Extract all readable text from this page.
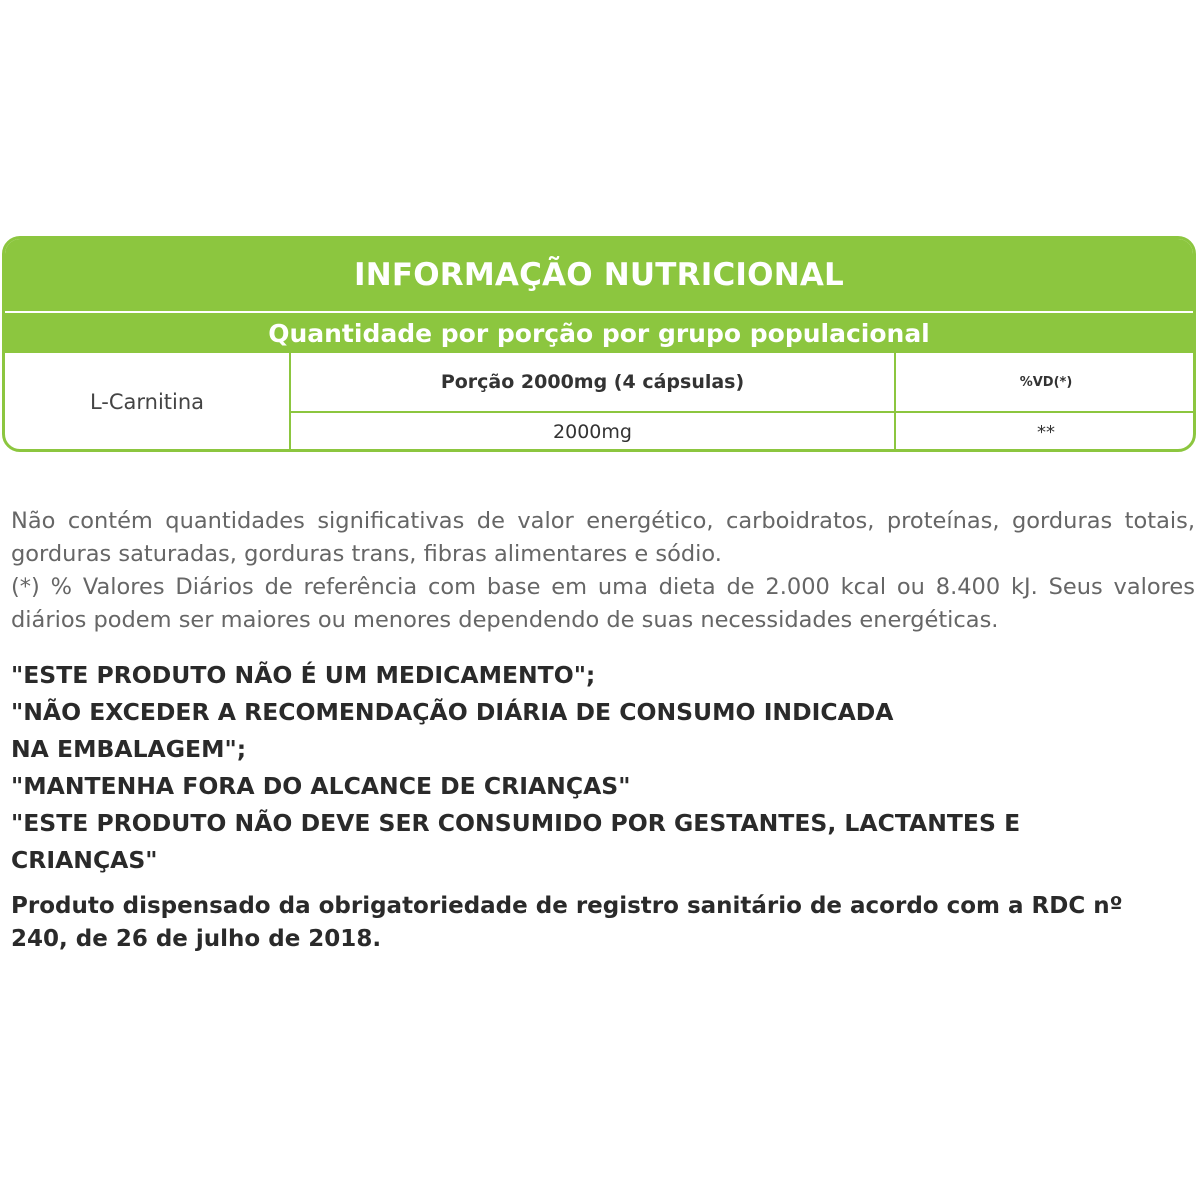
INFORMAÇÃO NUTRICIONAL
Quantidade por porção por grupo populacional
L-Carnitina
Porção 2000mg (4 cápsulas)	%VD(*)
2000mg	**

Não contém quantidades significativas de valor energético, carboidratos, proteínas, gorduras totais, gorduras saturadas, gorduras trans, fibras alimentares e sódio.

(*) % Valores Diários de referência com base em uma dieta de 2.000 kcal ou 8.400 kJ. Seus valores diários podem ser maiores ou menores dependendo de suas necessidades energéticas.

"ESTE PRODUTO NÃO É UM MEDICAMENTO";

"NÃO EXCEDER A RECOMENDAÇÃO DIÁRIA DE CONSUMO INDICADA

NA EMBALAGEM";

"MANTENHA FORA DO ALCANCE DE CRIANÇAS"

"ESTE PRODUTO NÃO DEVE SER CONSUMIDO POR GESTANTES, LACTANTES E

CRIANÇAS"

Produto dispensado da obrigatoriedade de registro sanitário de acordo com a RDC nº

240, de 26 de julho de 2018.
